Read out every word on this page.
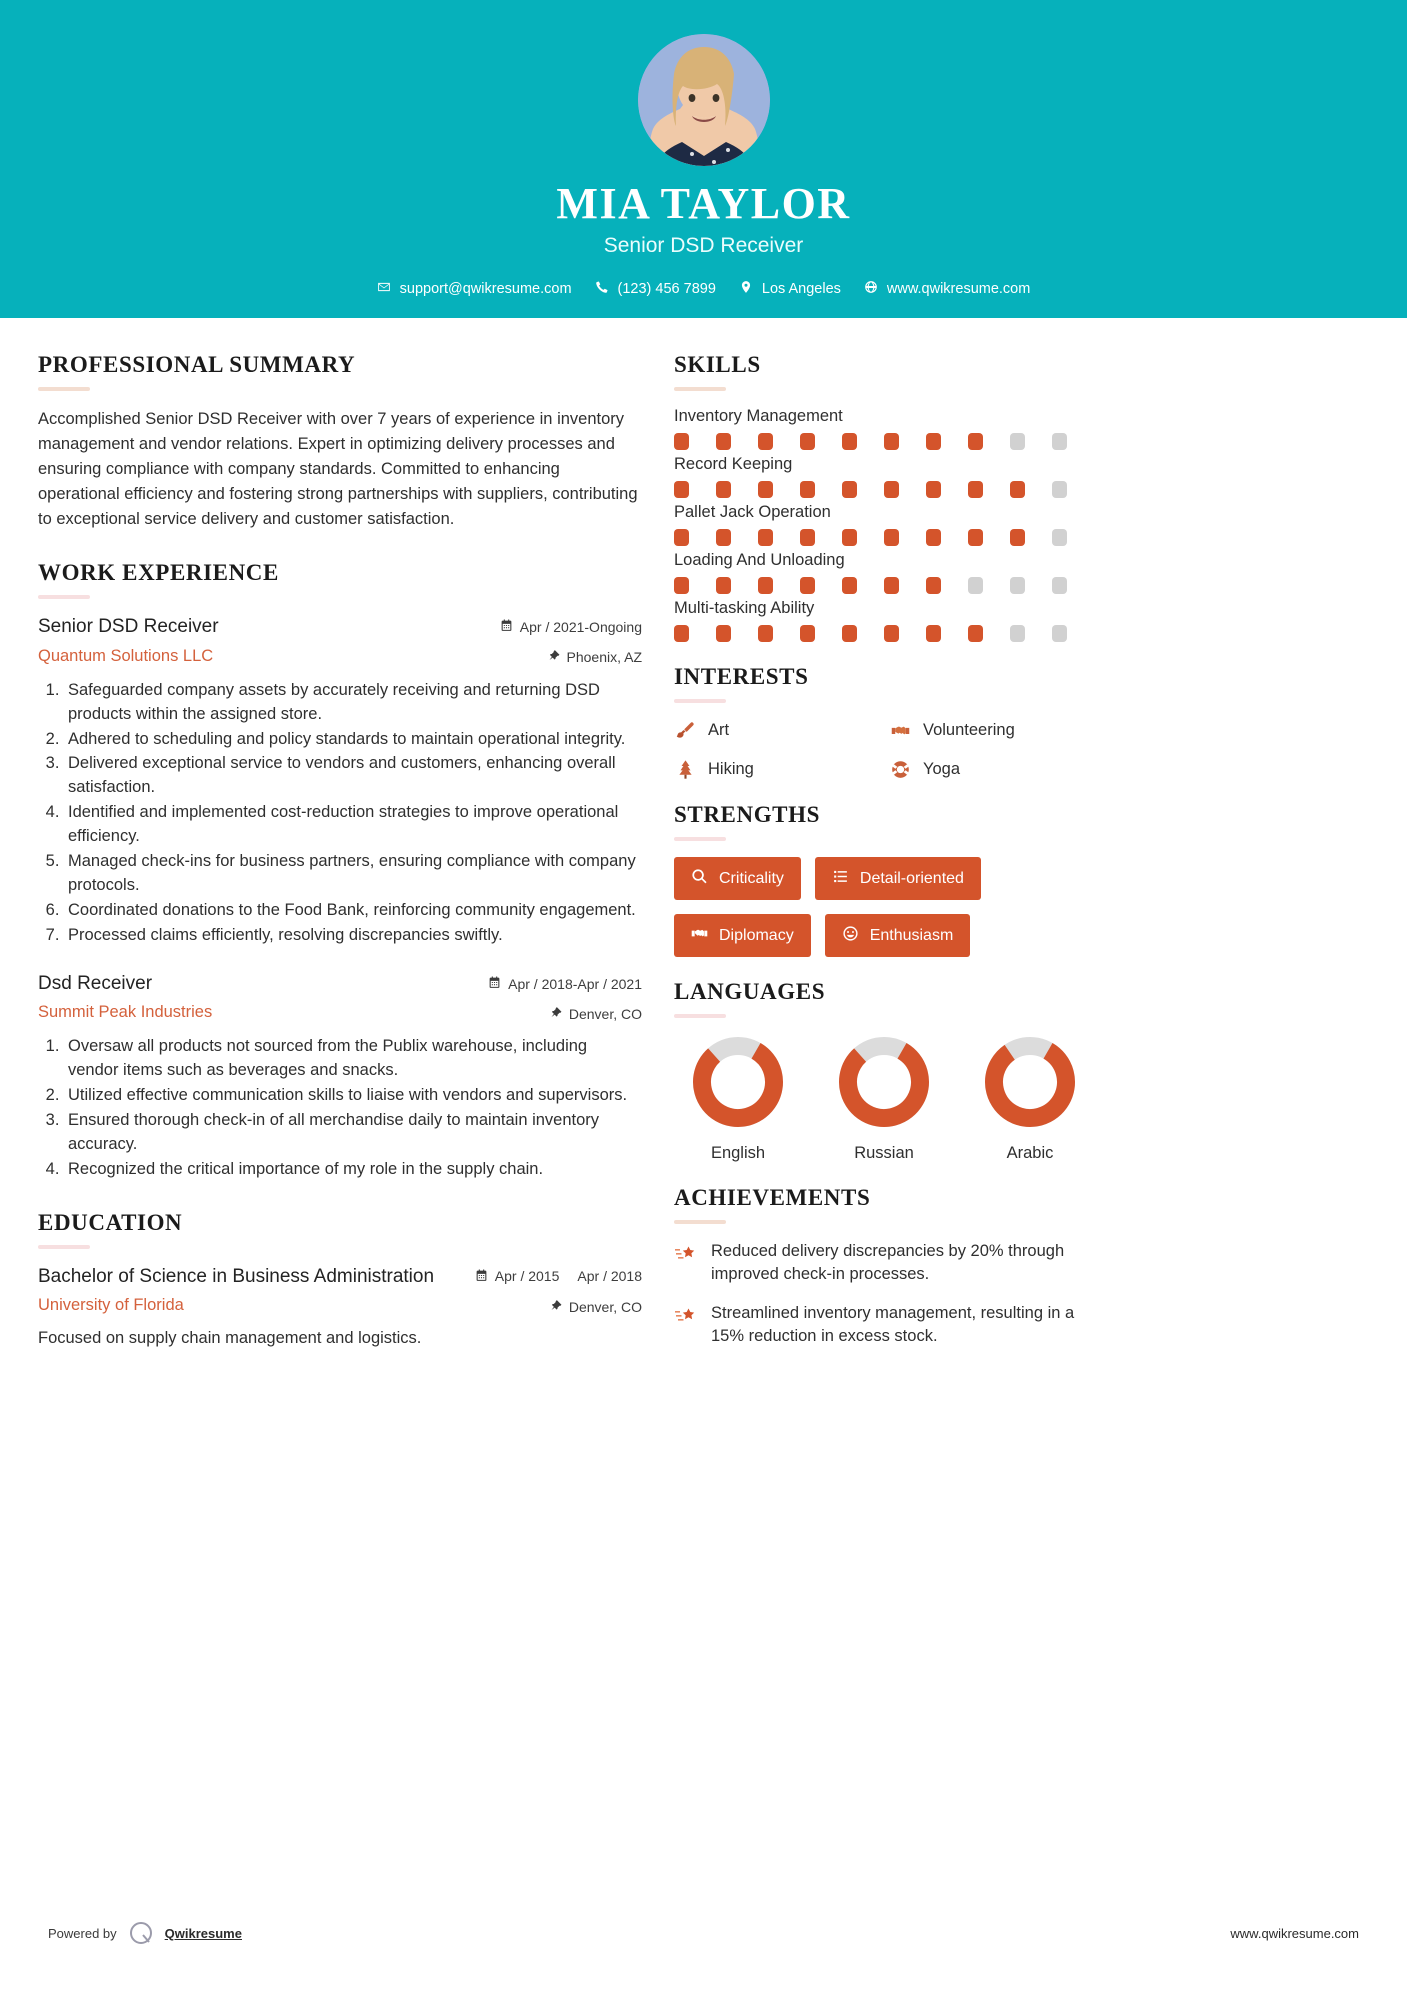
MIA TAYLOR
Senior DSD Receiver
support@qwikresume.com	(123) 456 7899	Los Angeles	www.qwikresume.com
PROFESSIONAL SUMMARY
Accomplished Senior DSD Receiver with over 7 years of experience in inventory management and vendor relations. Expert in optimizing delivery processes and ensuring compliance with company standards. Committed to enhancing operational efficiency and fostering strong partnerships with suppliers, contributing to exceptional service delivery and customer satisfaction.
WORK EXPERIENCE
Senior DSD Receiver
Quantum Solutions LLC
Apr / 2021-Ongoing
Phoenix, AZ
1. Safeguarded company assets by accurately receiving and returning DSD products within the assigned store.
2. Adhered to scheduling and policy standards to maintain operational integrity.
3. Delivered exceptional service to vendors and customers, enhancing overall satisfaction.
4. Identified and implemented cost-reduction strategies to improve operational efficiency.
5. Managed check-ins for business partners, ensuring compliance with company protocols.
6. Coordinated donations to the Food Bank, reinforcing community engagement.
7. Processed claims efficiently, resolving discrepancies swiftly.
Dsd Receiver
Summit Peak Industries
Apr / 2018-Apr / 2021
Denver, CO
1. Oversaw all products not sourced from the Publix warehouse, including vendor items such as beverages and snacks.
2. Utilized effective communication skills to liaise with vendors and supervisors.
3. Ensured thorough check-in of all merchandise daily to maintain inventory accuracy.
4. Recognized the critical importance of my role in the supply chain.
EDUCATION
Bachelor of Science in Business Administration
University of Florida
Apr / 2015 Apr / 2018
Denver, CO
Focused on supply chain management and logistics.
SKILLS
Inventory Management
Record Keeping
Pallet Jack Operation
Loading And Unloading
Multi-tasking Ability
INTERESTS
Art	Volunteering
Hiking	Yoga
STRENGTHS
Criticality	Detail-oriented
Diplomacy	Enthusiasm
LANGUAGES
English	Russian	Arabic
ACHIEVEMENTS
Reduced delivery discrepancies by 20% through improved check-in processes.
Streamlined inventory management, resulting in a 15% reduction in excess stock.
Powered by	Qwikresume	www.qwikresume.com
